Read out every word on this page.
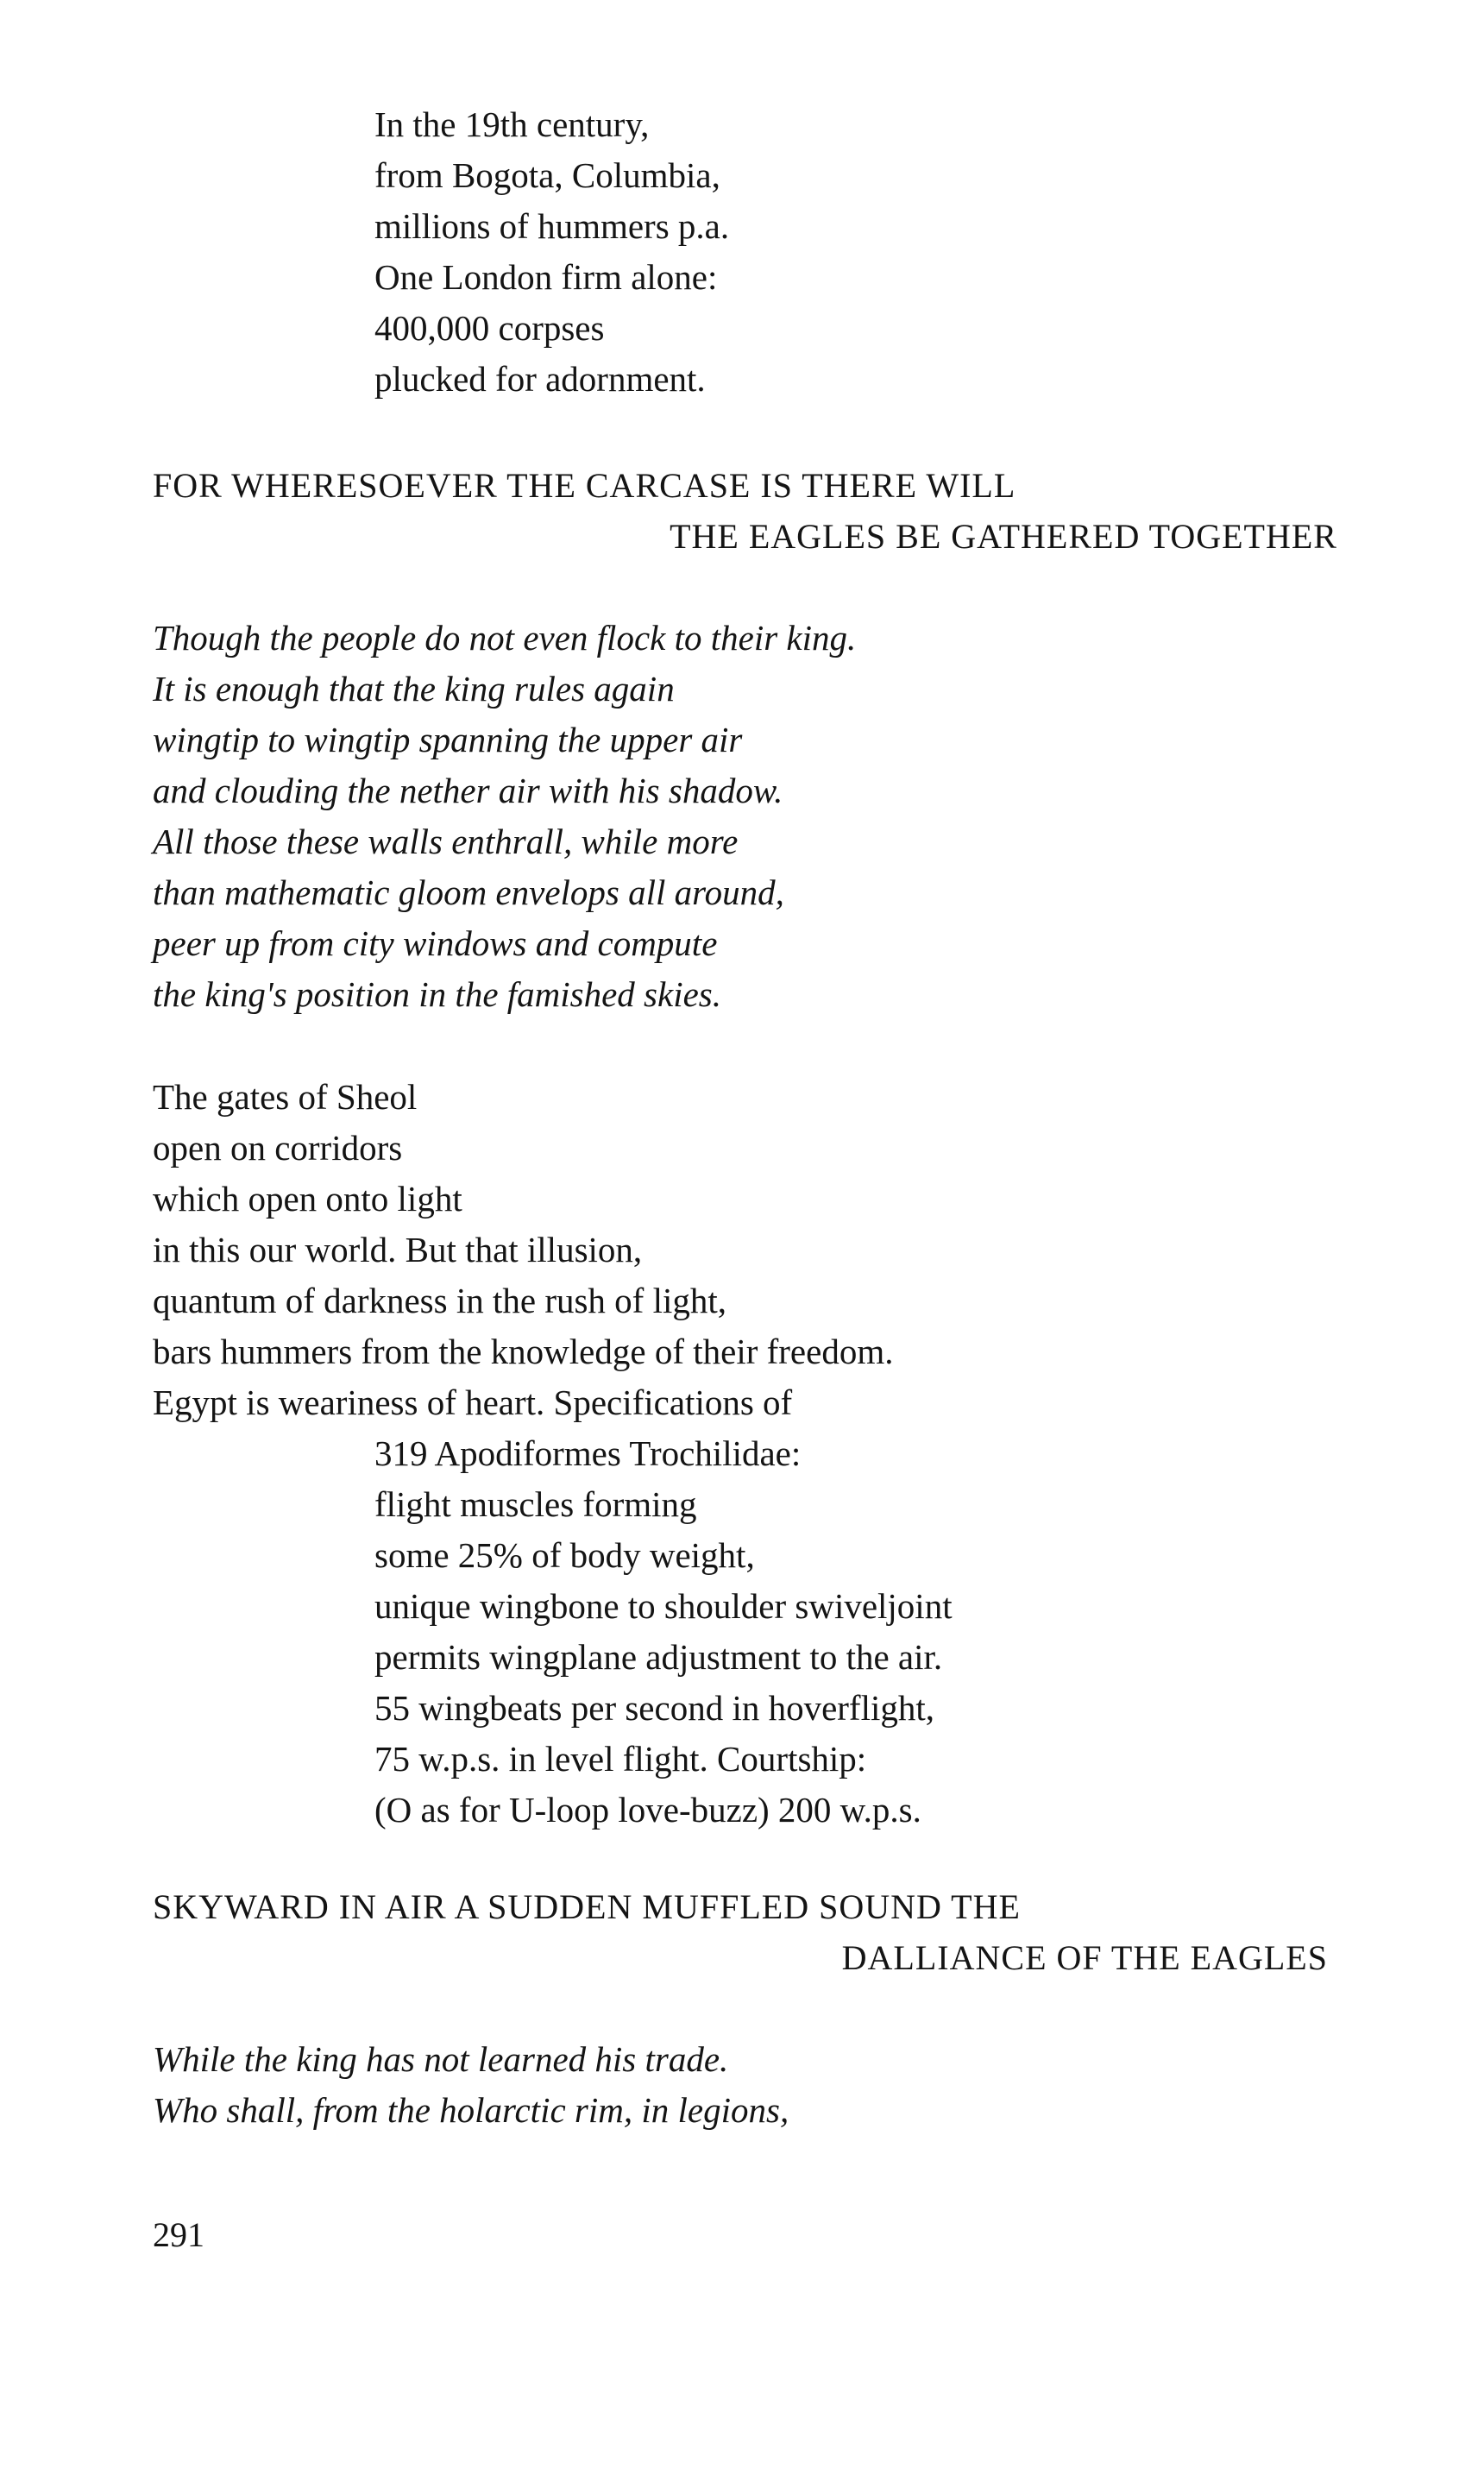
In the 19th century,
from Bogota, Columbia,
millions of hummers p.a.
One London firm alone:
400,000 corpses
plucked for adornment.
FOR WHERESOEVER THE CARCASE IS THERE WILL
THE EAGLES BE GATHERED TOGETHER
Though the people do not even flock to their king.
It is enough that the king rules again
wingtip to wingtip spanning the upper air
and clouding the nether air with his shadow.
All those these walls enthrall, while more
than mathematic gloom envelops all around,
peer up from city windows and compute
the king's position in the famished skies.
The gates of Sheol
open on corridors
which open onto light
in this our world. But that illusion,
quantum of darkness in the rush of light,
bars hummers from the knowledge of their freedom.
Egypt is weariness of heart. Specifications of
319 Apodiformes Trochilidae:
flight muscles forming
some 25% of body weight,
unique wingbone to shoulder swiveljoint
permits wingplane adjustment to the air.
55 wingbeats per second in hoverflight,
75 w.p.s. in level flight. Courtship:
(O as for U-loop love-buzz) 200 w.p.s.
SKYWARD IN AIR A SUDDEN MUFFLED SOUND THE
DALLIANCE OF THE EAGLES
While the king has not learned his trade.
Who shall, from the holarctic rim, in legions,
291
